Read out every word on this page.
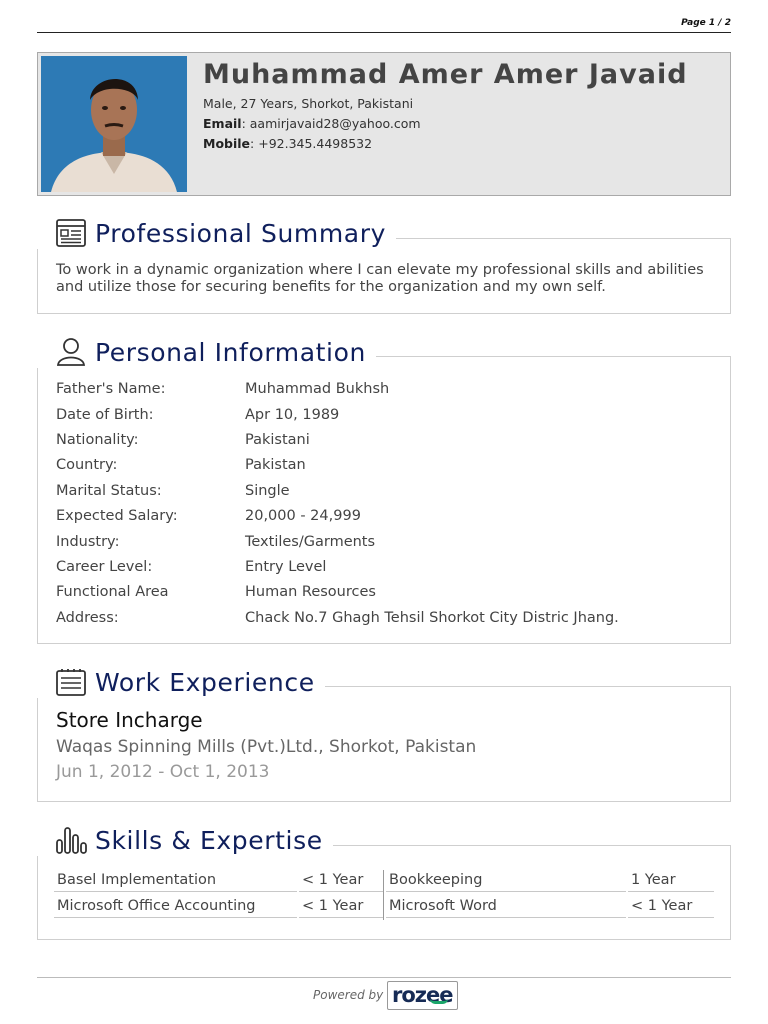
Page 1 / 2
Muhammad Amer Amer Javaid
Male, 27 Years, Shorkot, Pakistani
Email: aamirjavaid28@yahoo.com
Mobile: +92.345.4498532
To work in a dynamic organization where I can elevate my professional skills and abilities and utilize those for securing benefits for the organization and my own self.
Professional Summary
Father's Name:	Muhammad Bukhsh
Date of Birth:	Apr 10, 1989
Nationality:	Pakistani
Country:	Pakistan
Marital Status:	Single
Expected Salary:	20,000 - 24,999
Industry:	Textiles/Garments
Career Level:	Entry Level
Functional Area	Human Resources
Address:	Chack No.7 Ghagh Tehsil Shorkot City Distric Jhang.
Personal Information
Store Incharge
Waqas Spinning Mills (Pvt.)Ltd., Shorkot, Pakistan
Jun 1, 2012 - Oct 1, 2013
Work Experience
Basel Implementation	< 1 Year	Bookkeeping	1 Year
Microsoft Office Accounting	< 1 Year	Microsoft Word	< 1 Year
Skills & Expertise
Powered by rozee
